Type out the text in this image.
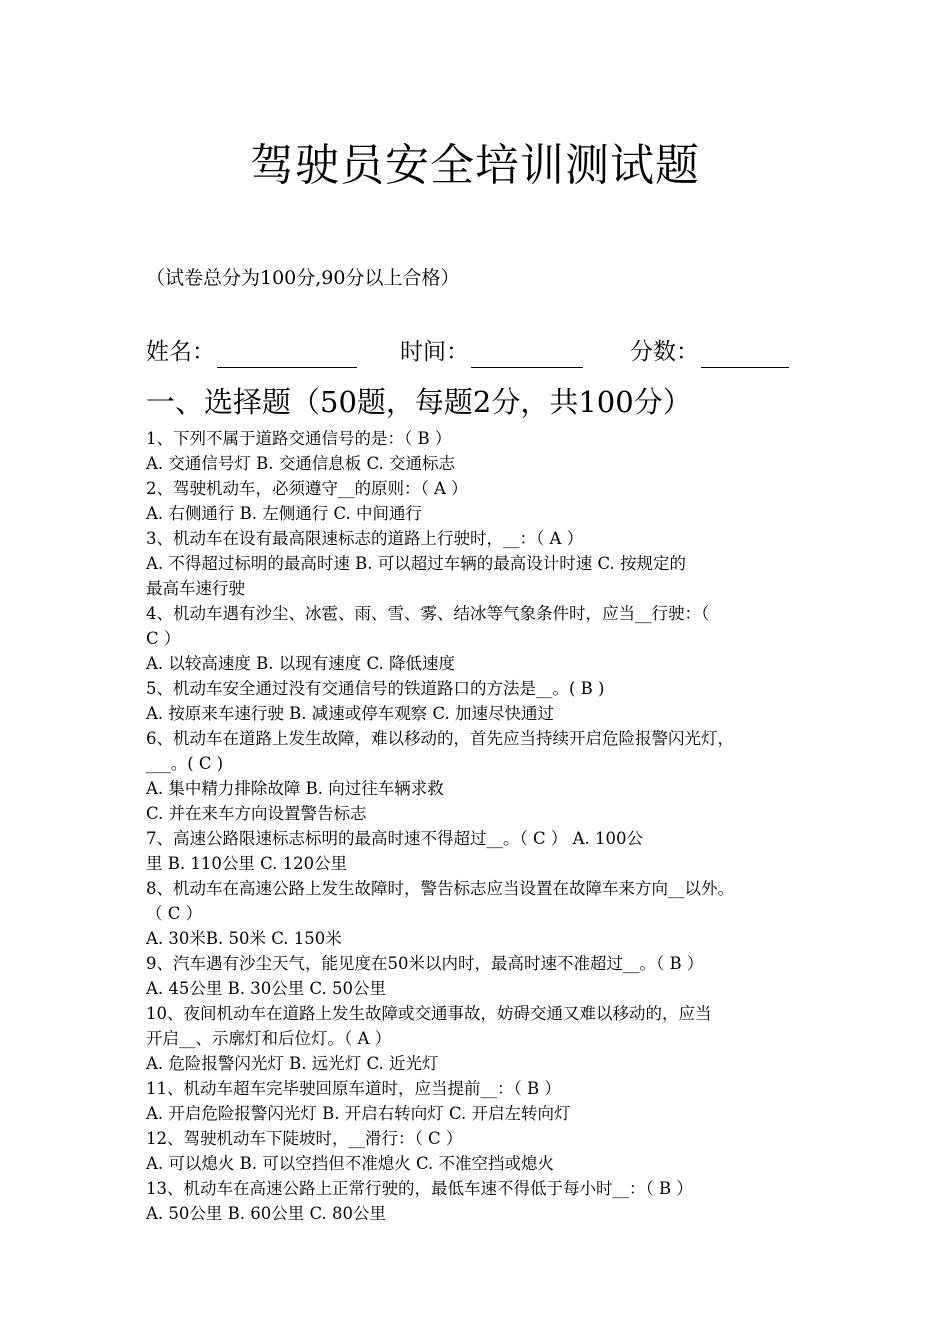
驾驶员安全培训测试题
（试卷总分为100分,90分以上合格）
姓名：	时间：	分数：
一、选择题（50题，每题2分，共100分）
1、下列不属于道路交通信号的是：（ B ）
A. 交通信号灯 B. 交通信息板 C. 交通标志
2、驾驶机动车，必须遵守__的原则：（ A ）
A. 右侧通行 B. 左侧通行 C. 中间通行
3、机动车在设有最高限速标志的道路上行驶时，__：（ A ）
A. 不得超过标明的最高时速 B. 可以超过车辆的最高设计时速 C. 按规定的
最高车速行驶
4、机动车遇有沙尘、冰雹、雨、雪、雾、结冰等气象条件时，应当__行驶：（
C ）
A. 以较高速度 B. 以现有速度 C. 降低速度
5、机动车安全通过没有交通信号的铁道路口的方法是__。( B )
A. 按原来车速行驶 B. 减速或停车观察 C. 加速尽快通过
6、机动车在道路上发生故障，难以移动的，首先应当持续开启危险报警闪光灯，
___。( C )
A. 集中精力排除故障 B. 向过往车辆求救
C. 并在来车方向设置警告标志
7、高速公路限速标志标明的最高时速不得超过__。（ C ） A. 100公
里 B. 110公里 C. 120公里
8、机动车在高速公路上发生故障时，警告标志应当设置在故障车来方向__以外。
（ C ）
A. 30米B. 50米 C. 150米
9、汽车遇有沙尘天气，能见度在50米以内时，最高时速不准超过__。（ B ）
A. 45公里 B. 30公里 C. 50公里
10、夜间机动车在道路上发生故障或交通事故，妨碍交通又难以移动的，应当
开启__、示廓灯和后位灯。（ A ）
A. 危险报警闪光灯 B. 远光灯 C. 近光灯
11、机动车超车完毕驶回原车道时，应当提前__：（ B ）
A. 开启危险报警闪光灯 B. 开启右转向灯 C. 开启左转向灯
12、驾驶机动车下陡坡时，__滑行：（ C ）
A. 可以熄火 B. 可以空挡但不准熄火 C. 不准空挡或熄火
13、机动车在高速公路上正常行驶的，最低车速不得低于每小时__：（ B ）
A. 50公里 B. 60公里 C. 80公里
